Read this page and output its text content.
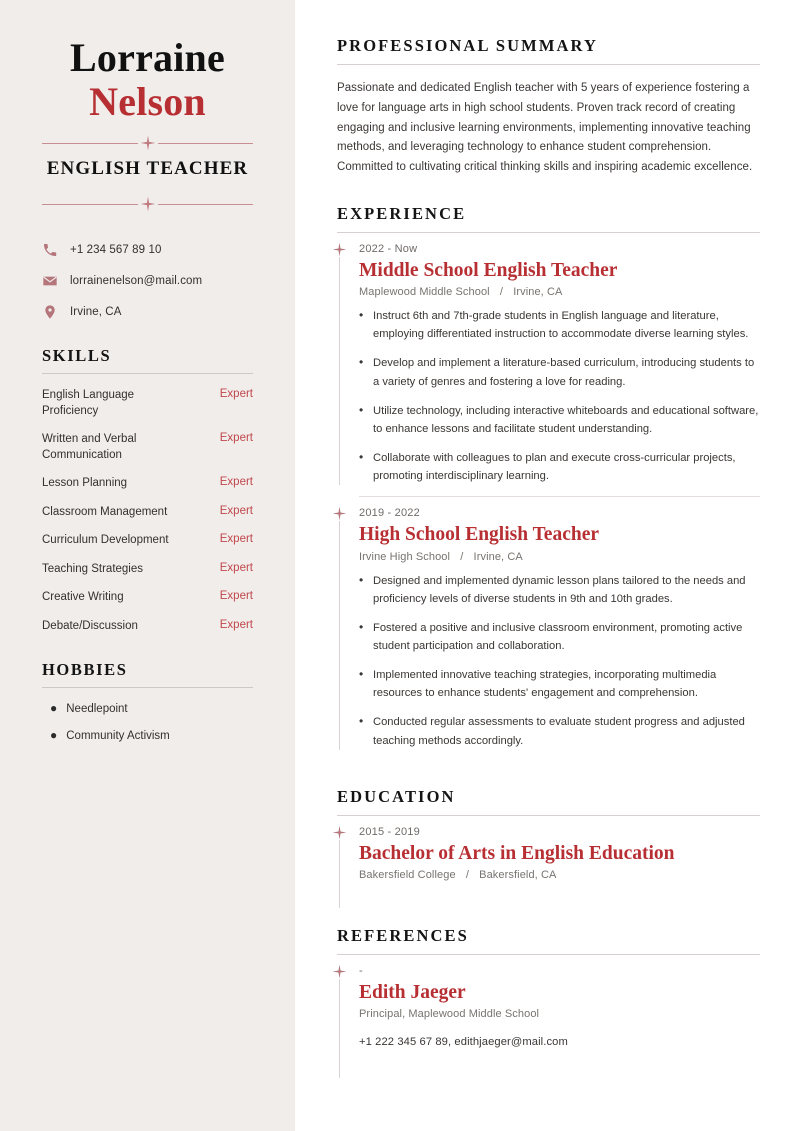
Lorraine
Nelson
ENGLISH TEACHER
+1 234 567 89 10
lorrainenelson@mail.com
Irvine, CA
SKILLS
English Language Proficiency
Expert
Written and Verbal Communication
Expert
Lesson Planning	Expert
Classroom Management	Expert
Curriculum Development	Expert
Teaching Strategies	Expert
Creative Writing	Expert
Debate/Discussion	Expert
HOBBIES
● Needlepoint
● Community Activism
PROFESSIONAL SUMMARY

Passionate and dedicated English teacher with 5 years of experience fostering a love for language arts in high school students. Proven track record of creating engaging and inclusive learning environments, implementing innovative teaching methods, and leveraging technology to enhance student comprehension. Committed to cultivating critical thinking skills and inspiring academic excellence.

EXPERIENCE
2022 - Now
Middle School English Teacher
Maplewood Middle School / Irvine, CA
• Instruct 6th and 7th-grade students in English language and literature, employing differentiated instruction to accommodate diverse learning styles.
• Develop and implement a literature-based curriculum, introducing students to a variety of genres and fostering a love for reading.
• Utilize technology, including interactive whiteboards and educational software, to enhance lessons and facilitate student understanding.
• Collaborate with colleagues to plan and execute cross-curricular projects, promoting interdisciplinary learning.
2019 - 2022
High School English Teacher
Irvine High School / Irvine, CA
• Designed and implemented dynamic lesson plans tailored to the needs and proficiency levels of diverse students in 9th and 10th grades.
• Fostered a positive and inclusive classroom environment, promoting active student participation and collaboration.
• Implemented innovative teaching strategies, incorporating multimedia resources to enhance students' engagement and comprehension.
• Conducted regular assessments to evaluate student progress and adjusted teaching methods accordingly.
EDUCATION
2015 - 2019
Bachelor of Arts in English Education
Bakersfield College / Bakersfield, CA
REFERENCES
-
Edith Jaeger
Principal, Maplewood Middle School
+1 222 345 67 89, edithjaeger@mail.com
